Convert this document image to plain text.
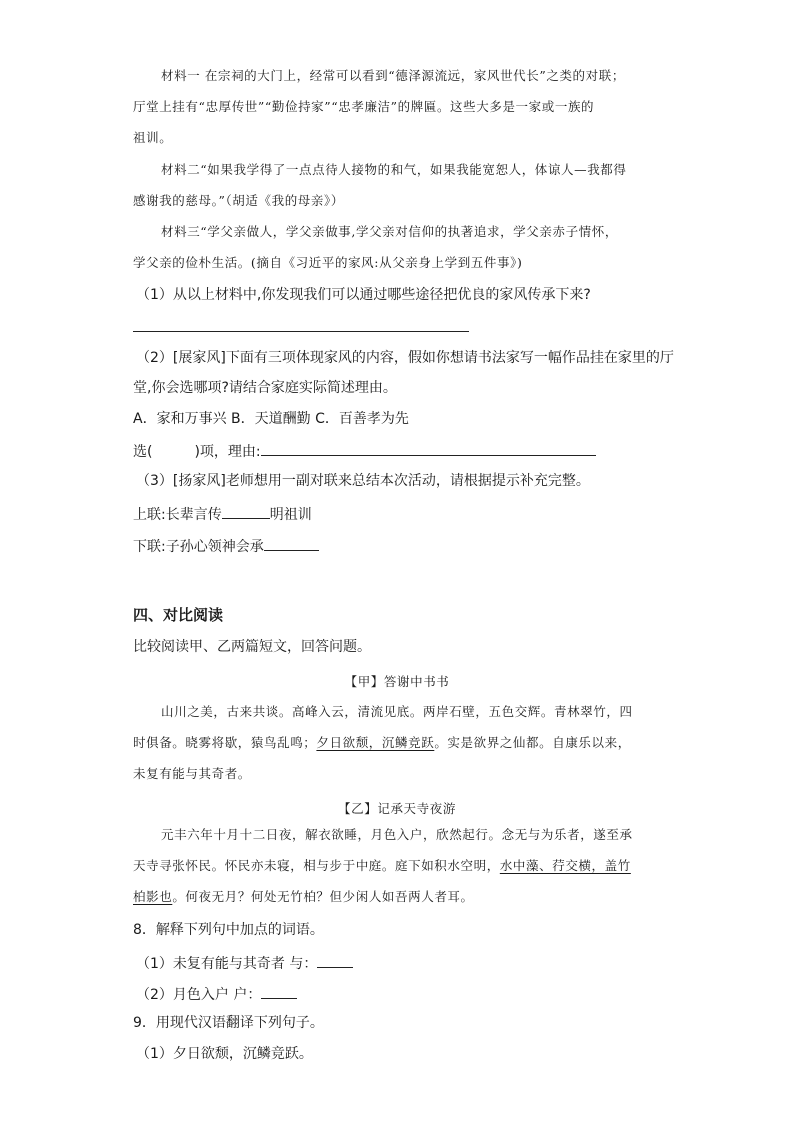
材料一 在宗祠的大门上，经常可以看到“德泽源流远，家风世代长”之类的对联；
厅堂上挂有“忠厚传世”“勤俭持家”“忠孝廉洁”的牌匾。这些大多是一家或一族的
祖训。
材料二“如果我学得了一点点待人接物的和气，如果我能宽恕人，体谅人—我都得
感谢我的慈母。”（胡适《我的母亲》）
材料三“学父亲做人，学父亲做事,学父亲对信仰的执著追求，学父亲赤子情怀，
学父亲的俭朴生活。(摘自《习近平的家风:从父亲身上学到五件事》)
（1）从以上材料中,你发现我们可以通过哪些途径把优良的家风传承下来?
（2）[展家风]下面有三项体现家风的内容，假如你想请书法家写一幅作品挂在家里的厅
堂,你会选哪项?请结合家庭实际简述理由。
A．家和万事兴 B．天道酬勤 C．百善孝为先
选(	)项，理由:
（3）[扬家风]老师想用一副对联来总结本次活动，请根据提示补充完整。
上联:长辈言传	明祖训
下联:子孙心领神会承
四、对比阅读
比较阅读甲、乙两篇短文，回答问题。
【甲】答谢中书书
山川之美，古来共谈。高峰入云，清流见底。两岸石壁，五色交辉。青林翠竹，四
时俱备。晓雾将歇，猿鸟乱鸣；夕日欲颓，沉鳞竞跃。实是欲界之仙都。自康乐以来，
未复有能与其奇者。
【乙】记承天寺夜游
元丰六年十月十二日夜，解衣欲睡，月色入户，欣然起行。念无与为乐者，遂至承
天寺寻张怀民。怀民亦未寝，相与步于中庭。庭下如积水空明，水中藻、荇交横，盖竹
柏影也。何夜无月？何处无竹柏？但少闲人如吾两人者耳。
8．解释下列句中加点的词语。
（1）未复有能与其奇者 与：
（2）月色入户 户：
9．用现代汉语翻译下列句子。
（1）夕日欲颓，沉鳞竞跃。
